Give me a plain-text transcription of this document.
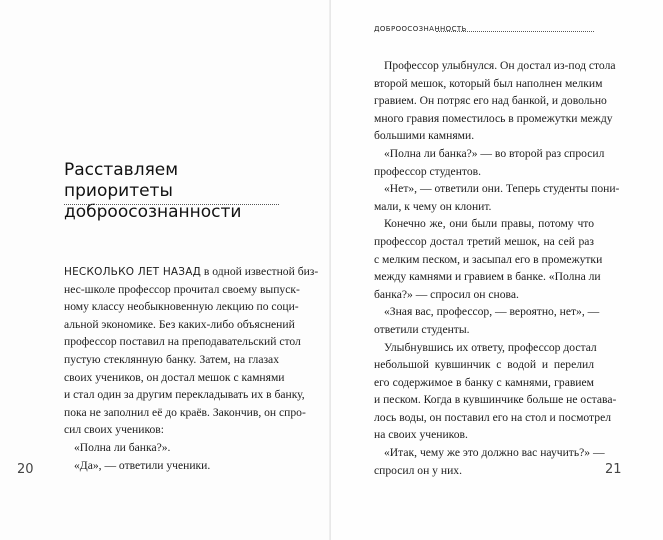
Расставляем приоритеты
доброосознанности
НЕСКОЛЬКО ЛЕТ НАЗАД в одной известной биз-
нес-школе профессор прочитал своему выпуск-
ному классу необыкновенную лекцию по соци-
альной экономике. Без каких-либо объяснений
профессор поставил на преподавательский стол
пустую стеклянную банку. Затем, на глазах
своих учеников, он достал мешок с камнями
и стал один за другим перекладывать их в банку,
пока не заполнил её до краёв. Закончив, он спро-
сил своих учеников:
«Полна ли банка?».
«Да», — ответили ученики.
20
ДОБРООСОЗНАННОСТЬ
Профессор улыбнулся. Он достал из-под стола
второй мешок, который был наполнен мелким
гравием. Он потряс его над банкой, и довольно
много гравия поместилось в промежутки между
большими камнями.
«Полна ли банка?» — во второй раз спросил
профессор студентов.
«Нет», — ответили они. Теперь студенты пони-
мали, к чему он клонит.
Конечно же, они были правы, потому что
профессор достал третий мешок, на сей раз
с мелким песком, и засыпал его в промежутки
между камнями и гравием в банке. «Полна ли
банка?» — спросил он снова.
«Зная вас, профессор, — вероятно, нет», —
ответили студенты.
Улыбнувшись их ответу, профессор достал
небольшой кувшинчик с водой и перелил
его содержимое в банку с камнями, гравием
и песком. Когда в кувшинчике больше не остава-
лось воды, он поставил его на стол и посмотрел
на своих учеников.
«Итак, чему же это должно вас научить?» —
спросил он у них.	21
